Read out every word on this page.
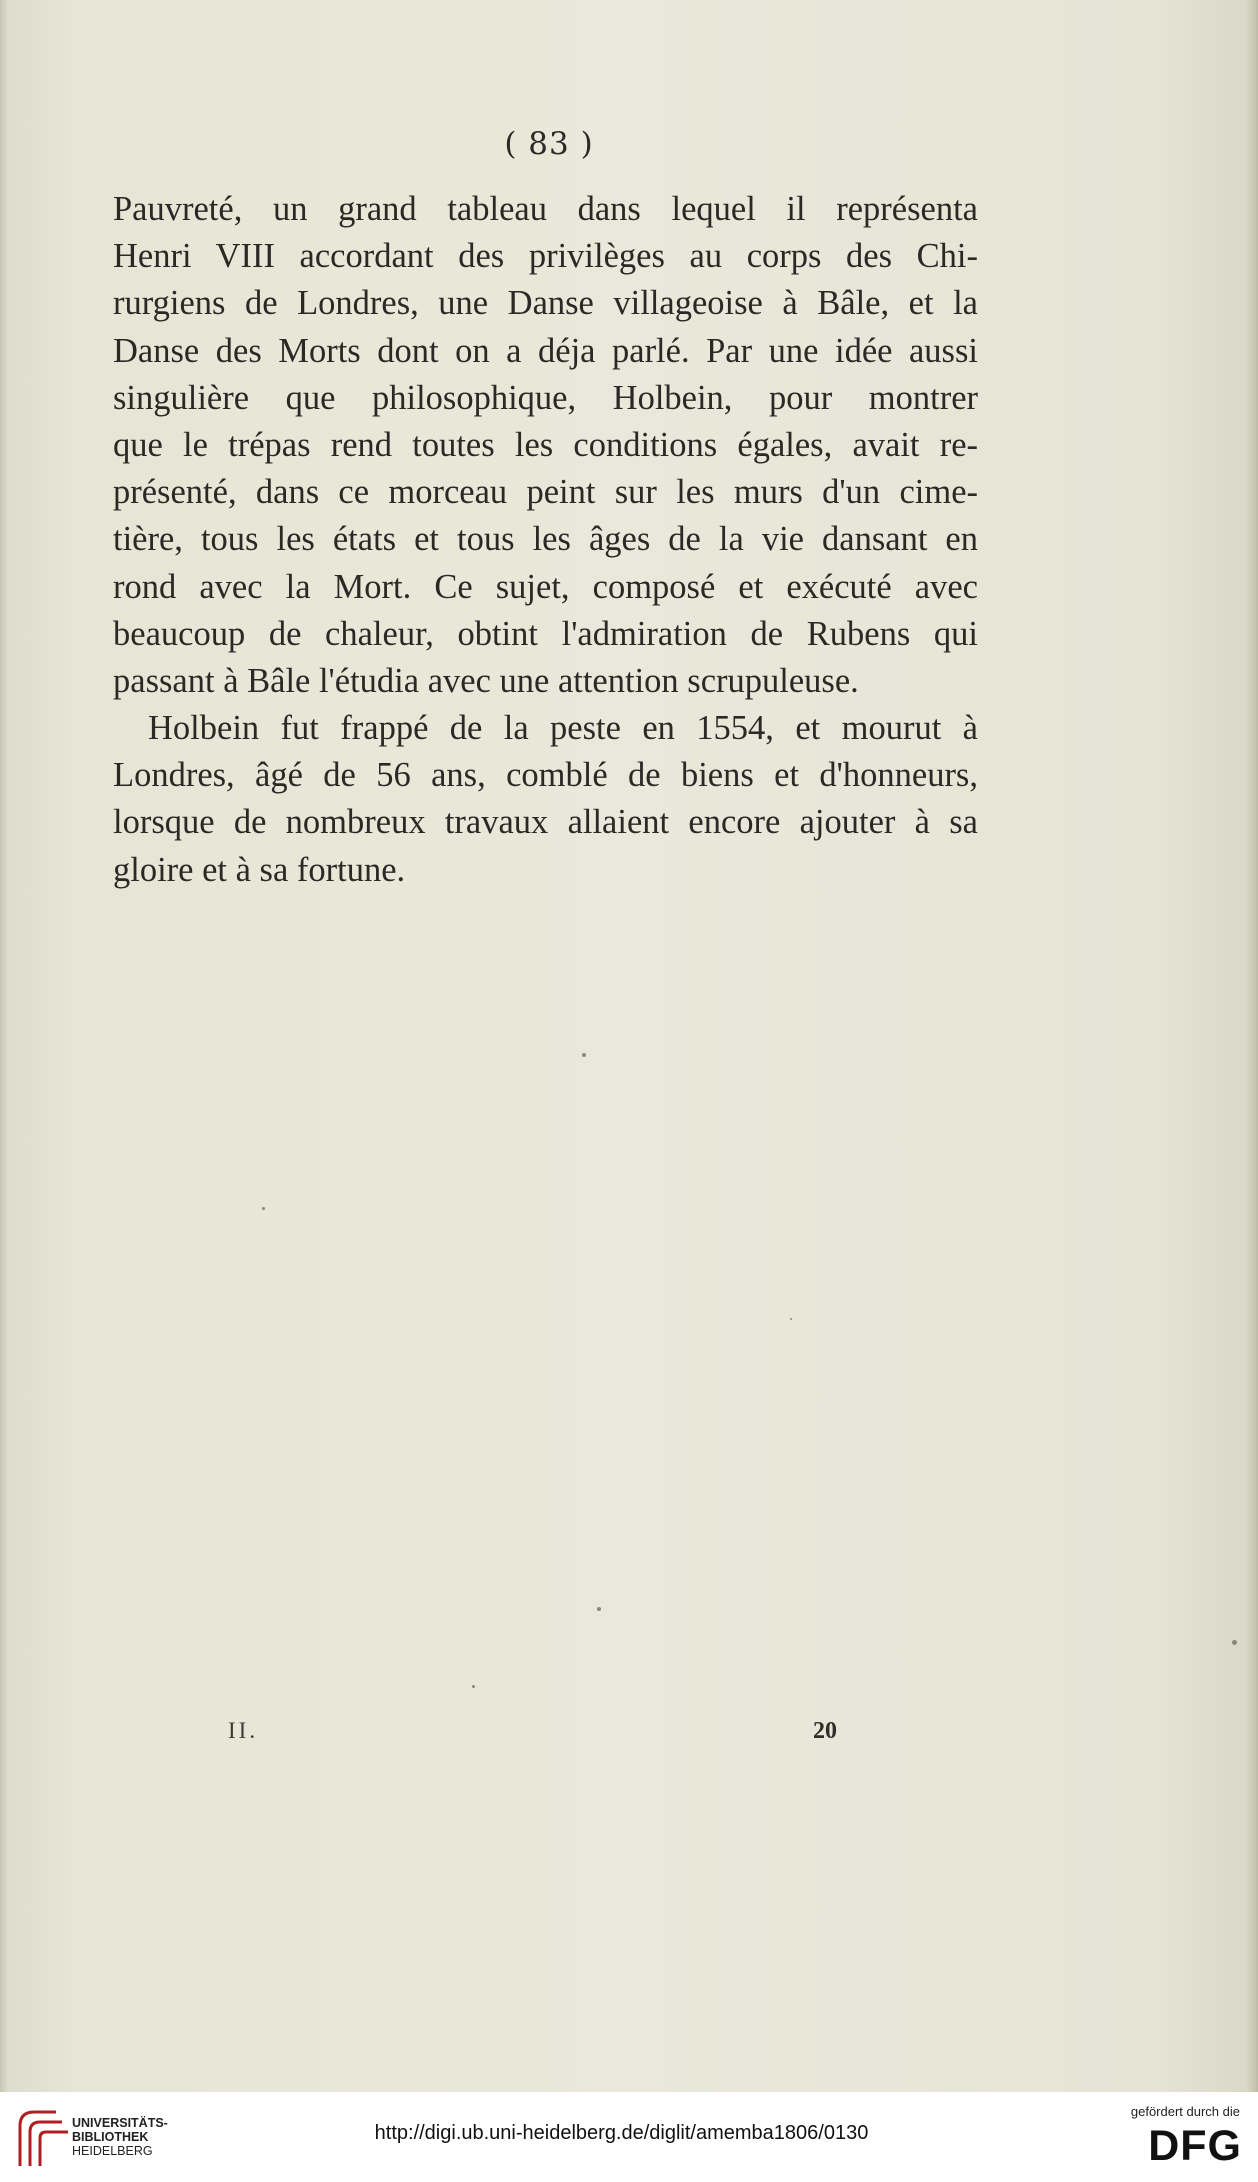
( 83 )
Pauvreté, un grand tableau dans lequel il représenta
Henri VIII accordant des privilèges au corps des Chi-
rurgiens de Londres, une Danse villageoise à Bâle, et la
Danse des Morts dont on a déja parlé. Par une idée aussi
singulière que philosophique, Holbein, pour montrer
que le trépas rend toutes les conditions égales, avait re-
présenté, dans ce morceau peint sur les murs d'un cime-
tière, tous les états et tous les âges de la vie dansant en
rond avec la Mort. Ce sujet, composé et exécuté avec
beaucoup de chaleur, obtint l'admiration de Rubens qui
passant à Bâle l'étudia avec une attention scrupuleuse.
Holbein fut frappé de la peste en 1554, et mourut à
Londres, âgé de 56 ans, comblé de biens et d'honneurs,
lorsque de nombreux travaux allaient encore ajouter à sa
gloire et à sa fortune.
II.	20
UNIVERSITÄTS-
BIBLIOTHEK
HEIDELBERG
http://digi.ub.uni-heidelberg.de/diglit/amemba1806/0130
gefördert durch die
DFG
